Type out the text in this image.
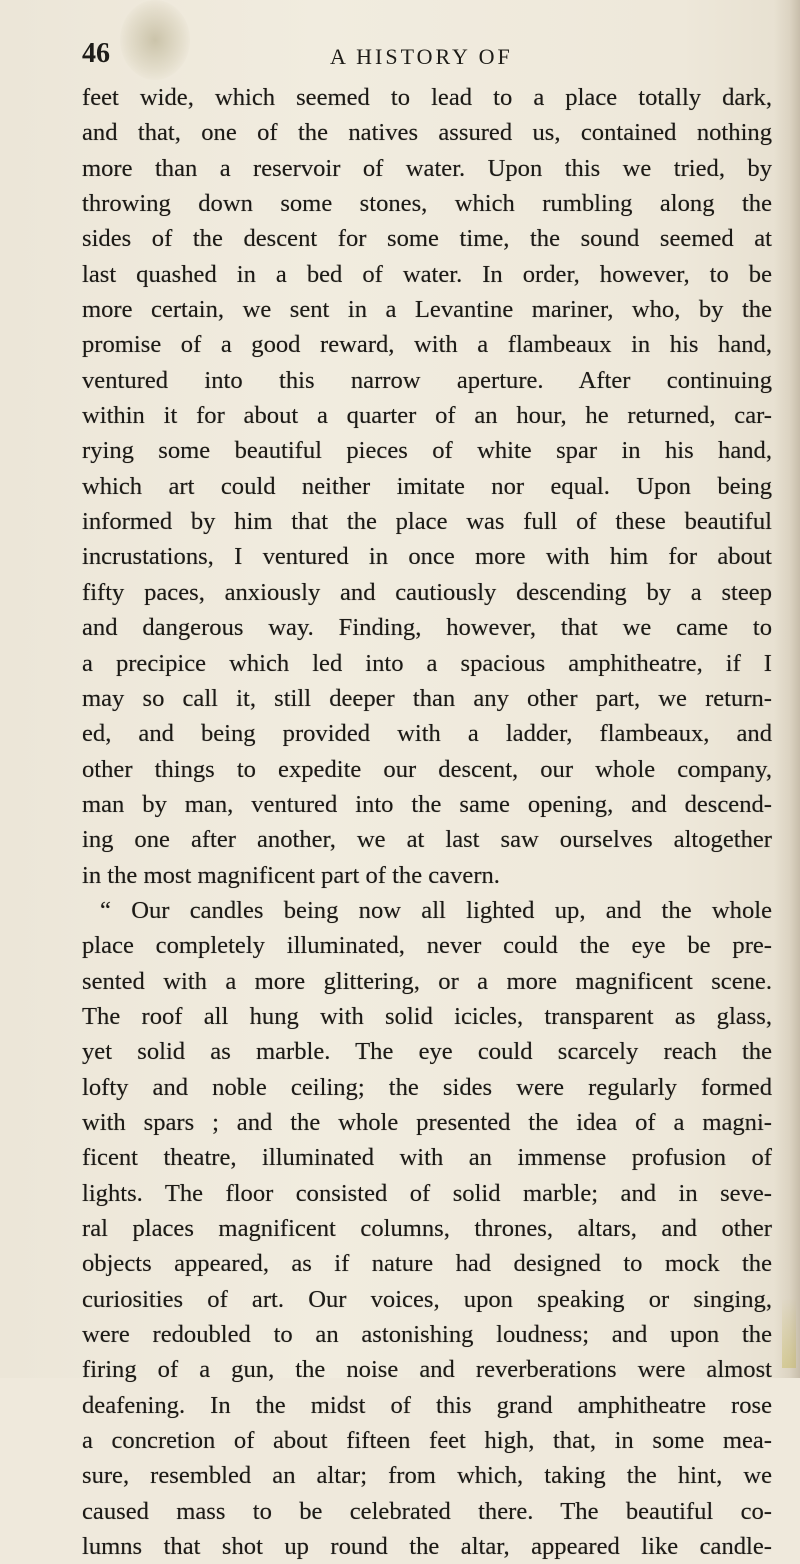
46	A HISTORY OF
feet wide, which seemed to lead to a place totally dark,
and that, one of the natives assured us, contained nothing
more than a reservoir of water. Upon this we tried, by
throwing down some stones, which rumbling along the
sides of the descent for some time, the sound seemed at
last quashed in a bed of water. In order, however, to be
more certain, we sent in a Levantine mariner, who, by the
promise of a good reward, with a flambeaux in his hand,
ventured into this narrow aperture. After continuing
within it for about a quarter of an hour, he returned, car-
rying some beautiful pieces of white spar in his hand,
which art could neither imitate nor equal. Upon being
informed by him that the place was full of these beautiful
incrustations, I ventured in once more with him for about
fifty paces, anxiously and cautiously descending by a steep
and dangerous way. Finding, however, that we came to
a precipice which led into a spacious amphitheatre, if I
may so call it, still deeper than any other part, we return-
ed, and being provided with a ladder, flambeaux, and
other things to expedite our descent, our whole company,
man by man, ventured into the same opening, and descend-
ing one after another, we at last saw ourselves altogether
in the most magnificent part of the cavern.
“ Our candles being now all lighted up, and the whole
place completely illuminated, never could the eye be pre-
sented with a more glittering, or a more magnificent scene.
The roof all hung with solid icicles, transparent as glass,
yet solid as marble. The eye could scarcely reach the
lofty and noble ceiling; the sides were regularly formed
with spars ; and the whole presented the idea of a magni-
ficent theatre, illuminated with an immense profusion of
lights. The floor consisted of solid marble; and in seve-
ral places magnificent columns, thrones, altars, and other
objects appeared, as if nature had designed to mock the
curiosities of art. Our voices, upon speaking or singing,
were redoubled to an astonishing loudness; and upon the
firing of a gun, the noise and reverberations were almost
deafening. In the midst of this grand amphitheatre rose
a concretion of about fifteen feet high, that, in some mea-
sure, resembled an altar; from which, taking the hint, we
caused mass to be celebrated there. The beautiful co-
lumns that shot up round the altar, appeared like candle-
